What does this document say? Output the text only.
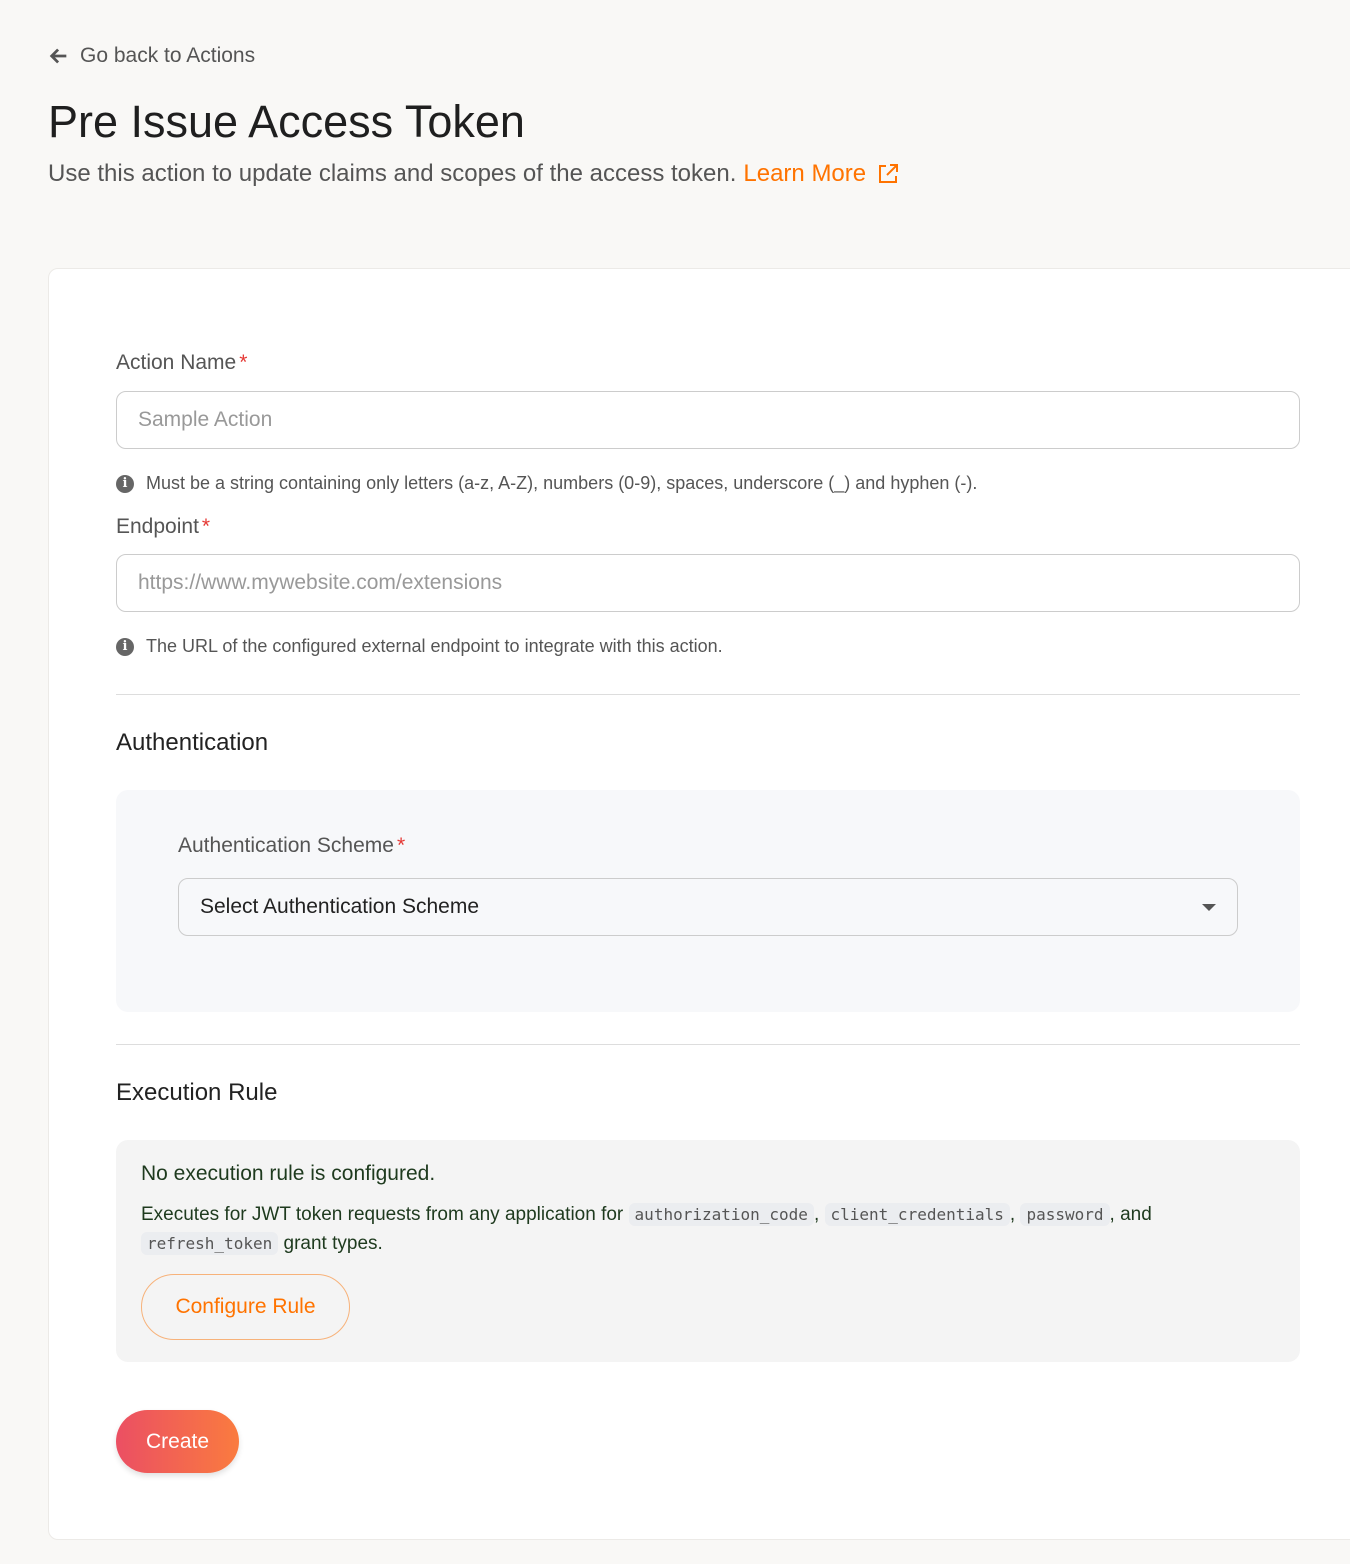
Go back to Actions
Pre Issue Access Token
Use this action to update claims and scopes of the access token. Learn More
Action Name *
Sample Action
i	Must be a string containing only letters (a-z, A-Z), numbers (0-9), spaces, underscore (_) and hyphen (-).
Endpoint *
https://www.mywebsite.com/extensions
i	The URL of the configured external endpoint to integrate with this action.
Authentication
Authentication Scheme *
Select Authentication Scheme
Execution Rule
No execution rule is configured.
Executes for JWT token requests from any application for authorization_code , client_credentials , password , and refresh_token grant types.
Configure Rule
Create
